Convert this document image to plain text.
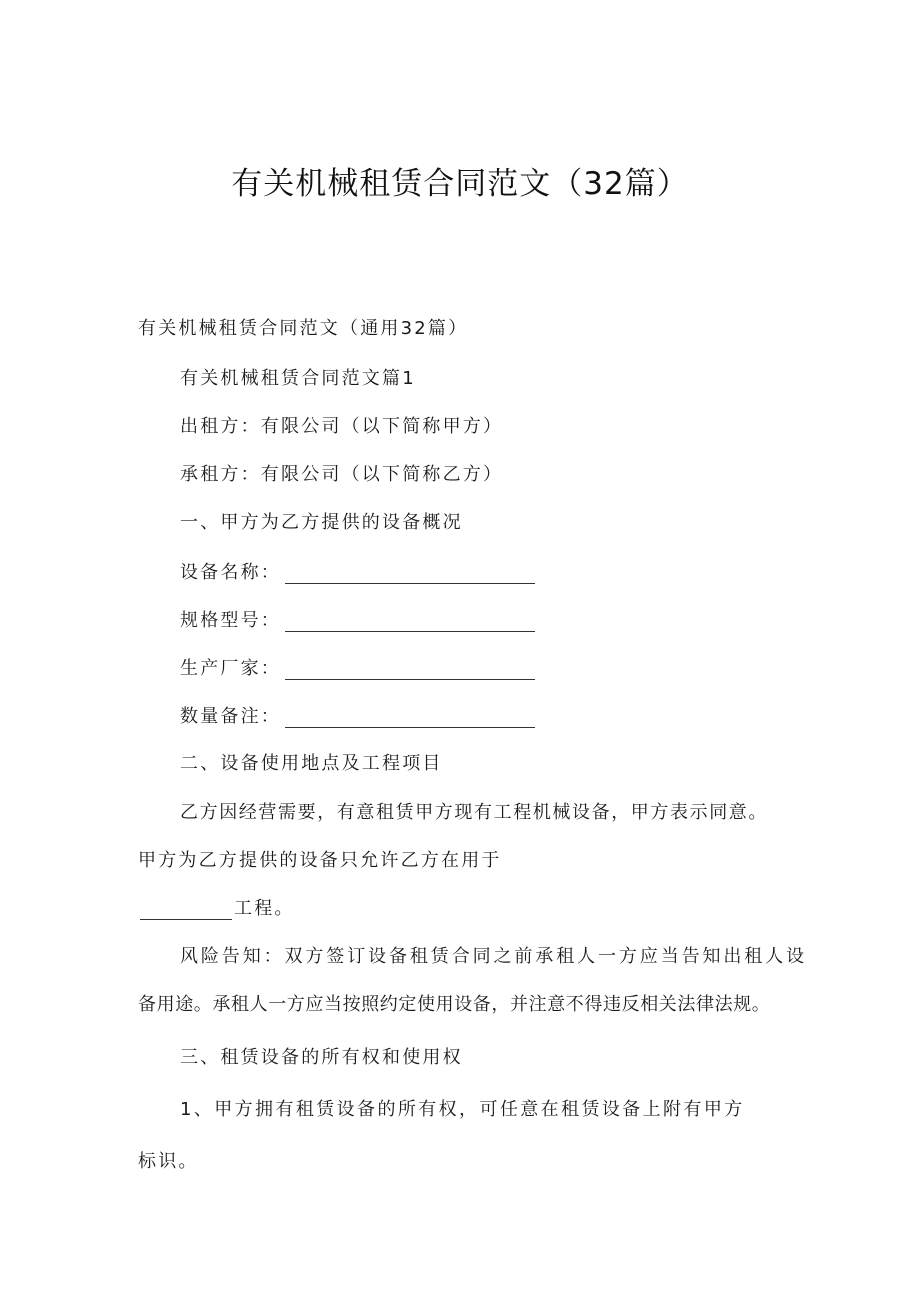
有关机械租赁合同范文（32篇）
有关机械租赁合同范文（通用32篇）
有关机械租赁合同范文篇1
出租方：有限公司（以下简称甲方）
承租方：有限公司（以下简称乙方）
一、甲方为乙方提供的设备概况
设备名称：
规格型号：
生产厂家：
数量备注：
二、设备使用地点及工程项目
乙方因经营需要，有意租赁甲方现有工程机械设备，甲方表示同意。
甲方为乙方提供的设备只允许乙方在用于
工程。
风险告知：双方签订设备租赁合同之前承租人一方应当告知出租人设
备用途。承租人一方应当按照约定使用设备，并注意不得违反相关法律法规。
三、租赁设备的所有权和使用权
1、甲方拥有租赁设备的所有权，可任意在租赁设备上附有甲方
标识。
